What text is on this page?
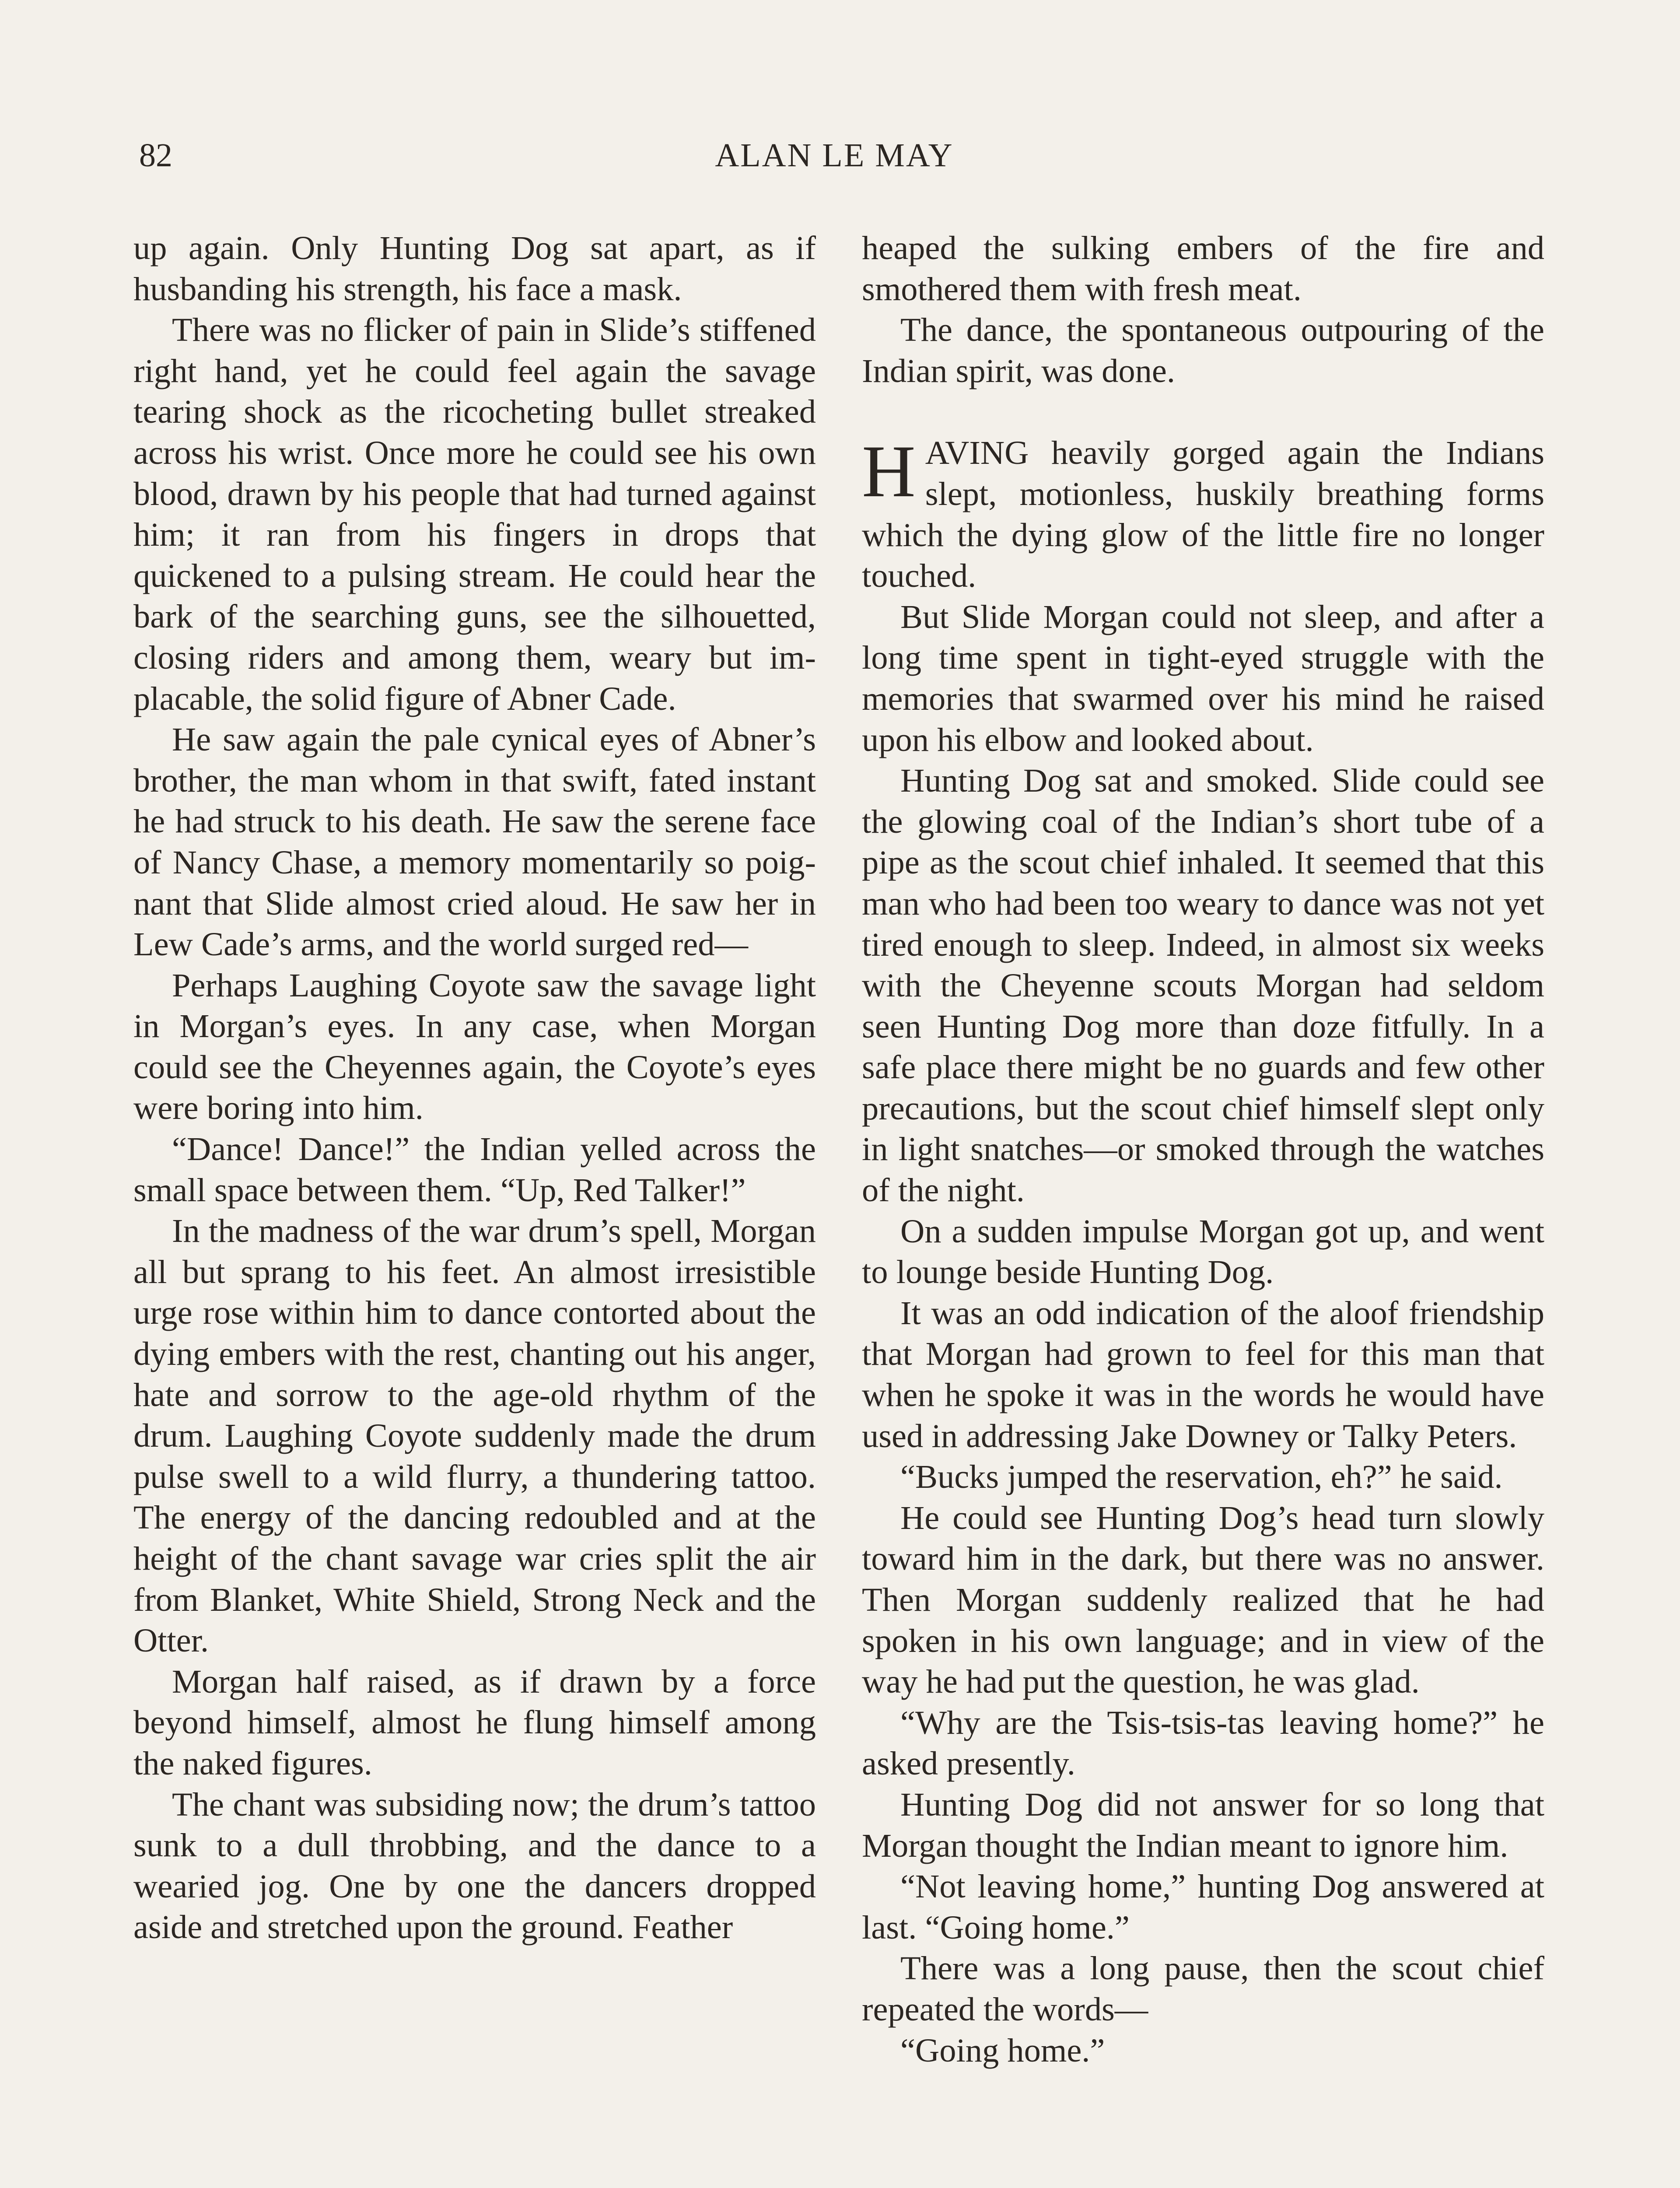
82	ALAN LE MAY

up again. Only Hunting Dog sat apart, as if husbanding his strength, his face a mask.

There was no flicker of pain in Slide’s stiffened right hand, yet he could feel again the savage tearing shock as the ricocheting bullet streaked across his wrist. Once more he could see his own blood, drawn by his people that had turned against him; it ran from his fingers in drops that quickened to a pulsing stream. He could hear the bark of the searching guns, see the silhouetted, closing riders and among them, weary but implacable, the solid figure of Abner Cade.

He saw again the pale cynical eyes of Abner’s brother, the man whom in that swift, fated instant he had struck to his death. He saw the serene face of Nancy Chase, a memory momentarily so poignant that Slide almost cried aloud. He saw her in Lew Cade’s arms, and the world surged red—

Perhaps Laughing Coyote saw the savage light in Morgan’s eyes. In any case, when Morgan could see the Cheyennes again, the Coyote’s eyes were boring into him.

“Dance! Dance!” the Indian yelled across the small space between them. “Up, Red Talker!”

In the madness of the war drum’s spell, Morgan all but sprang to his feet. An almost irresistible urge rose within him to dance contorted about the dying embers with the rest, chanting out his anger, hate and sorrow to the age-old rhythm of the drum. Laughing Coyote suddenly made the drum pulse swell to a wild flurry, a thundering tattoo. The energy of the dancing redoubled and at the height of the chant savage war cries split the air from Blanket, White Shield, Strong Neck and the Otter.

Morgan half raised, as if drawn by a force beyond himself, almost he flung himself among the naked figures.

The chant was subsiding now; the drum’s tattoo sunk to a dull throbbing, and the dance to a wearied jog. One by one the dancers dropped aside and stretched upon the ground. Feather

heaped the sulking embers of the fire and smothered them with fresh meat.

The dance, the spontaneous outpouring of the Indian spirit, was done.

HAVING heavily gorged again the Indians slept, motionless, huskily breathing forms which the dying glow of the little fire no longer touched.

But Slide Morgan could not sleep, and after a long time spent in tight-eyed struggle with the memories that swarmed over his mind he raised upon his elbow and looked about.

Hunting Dog sat and smoked. Slide could see the glowing coal of the Indian’s short tube of a pipe as the scout chief inhaled. It seemed that this man who had been too weary to dance was not yet tired enough to sleep. Indeed, in almost six weeks with the Cheyenne scouts Morgan had seldom seen Hunting Dog more than doze fitfully. In a safe place there might be no guards and few other precautions, but the scout chief himself slept only in light snatches—or smoked through the watches of the night.

On a sudden impulse Morgan got up, and went to lounge beside Hunting Dog.

It was an odd indication of the aloof friendship that Morgan had grown to feel for this man that when he spoke it was in the words he would have used in addressing Jake Downey or Talky Peters.

“Bucks jumped the reservation, eh?” he said.

He could see Hunting Dog’s head turn slowly toward him in the dark, but there was no answer. Then Morgan suddenly realized that he had spoken in his own language; and in view of the way he had put the question, he was glad.

“Why are the Tsis-tsis-tas leaving home?” he asked presently.

Hunting Dog did not answer for so long that Morgan thought the Indian meant to ignore him.

“Not leaving home,” hunting Dog answered at last. “Going home.”

There was a long pause, then the scout chief repeated the words—

“Going home.”
